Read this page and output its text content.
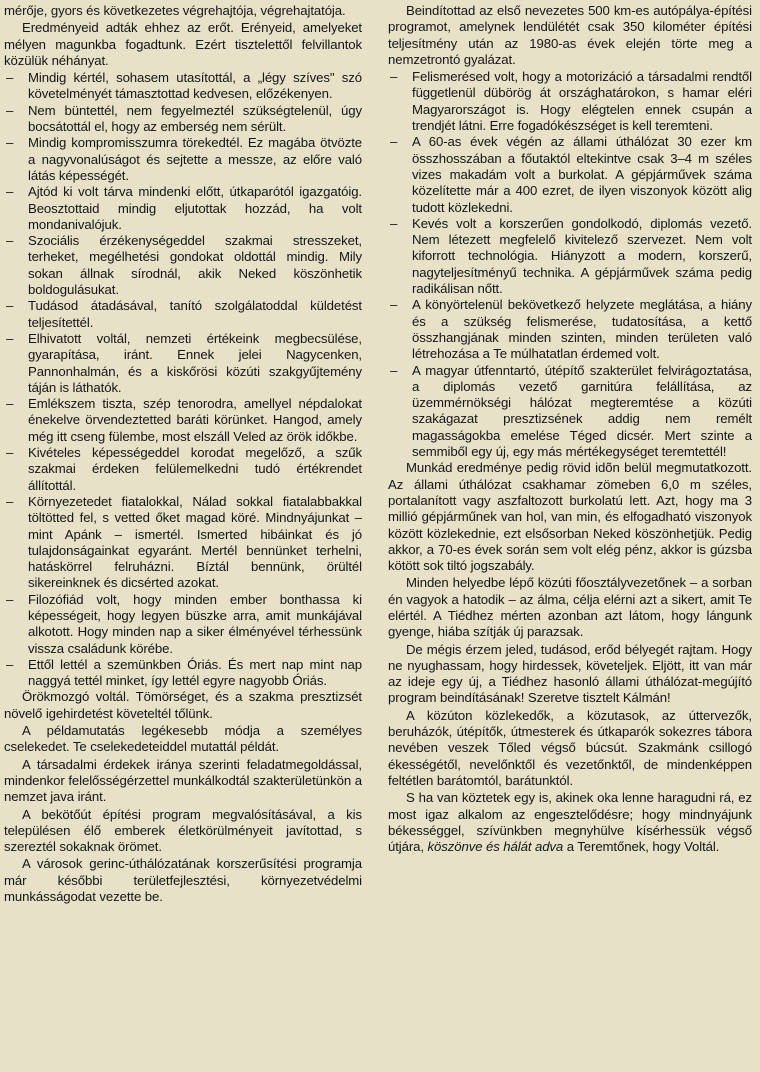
mérője, gyors és következetes végrehajtója, végrehajtatója.

Eredményeid adták ehhez az erőt. Erényeid, amelyeket mélyen magunkba fogadtunk. Ezért tisztelettől felvillantok közülük néhányat.

– Mindig kértél, sohasem utasítottál, a „légy szíves" szó követelményét támasztottad kedvesen, előzékenyen.

– Nem büntettél, nem fegyelmeztél szükségtelenül, úgy bocsátottál el, hogy az emberség nem sérült.

– Mindig kompromisszumra törekedtél. Ez magába ötvözte a nagyvonalúságot és sejtette a messze, az előre való látás képességét.

– Ajtód ki volt tárva mindenki előtt, útkaparótól igazgatóig. Beosztottaid mindig eljutottak hozzád, ha volt mondanivalójuk.

– Szociális érzékenységeddel szakmai stresszeket, terheket, megélhetési gondokat oldottál mindig. Mily sokan állnak sírodnál, akik Neked köszönhetik boldogulásukat.

– Tudásod átadásával, tanító szolgálatoddal küldetést teljesítettél.

– Elhivatott voltál, nemzeti értékeink megbecsülése, gyarapítása, iránt. Ennek jelei Nagycenken, Pannonhalmán, és a kiskőrösi közúti szakgyűjtemény táján is láthatók.

– Emlékszem tiszta, szép tenorodra, amellyel népdalokat énekelve örvendeztetted baráti körünket. Hangod, amely még itt cseng fülembe, most elszáll Veled az örök időkbe.

– Kivételes képességeddel korodat megelőző, a szűk szakmai érdeken felülemelkedni tudó értékrendet állítottál.

– Környezetedet fiatalokkal, Nálad sokkal fiatalabbakkal töltötted fel, s vetted őket magad köré. Mindnyájunkat – mint Apánk – ismertél. Ismerted hibáinkat és jó tulajdonságainkat egyaránt. Mertél bennünket terhelni, hatáskörrel felruházni. Bíztál bennünk, örültél sikereinknek és dicsérted azokat.

– Filozófiád volt, hogy minden ember bonthassa ki képességeit, hogy legyen büszke arra, amit munkájával alkotott. Hogy minden nap a siker élményével térhessünk vissza családunk körébe.

– Ettől lettél a szemünkben Óriás. És mert nap mint nap naggyá tettél minket, így lettél egyre nagyobb Óriás.

Örökmozgó voltál. Tömörséget, és a szakma presztizsét növelő igehirdetést követeltél tőlünk.

A példamutatás legékesebb módja a személyes cselekedet. Te cselekedeteiddel mutattál példát.

A társadalmi érdekek iránya szerinti feladatmegoldással, mindenkor felelősségérzettel munkálkodtál szakterületünkön a nemzet java iránt.

A bekötőút építési program megvalósításával, a kis településen élő emberek életkörülményeit javítottad, s szereztél sokaknak örömet.

A városok gerinc-úthálózatának korszerűsítési programja már későbbi területfejlesztési, környezetvédelmi munkásságodat vezette be.

Beindítottad az első nevezetes 500 km-es autópálya-építési programot, amelynek lendülétét csak 350 kilométer építési teljesítmény után az 1980-as évek elején törte meg a nemzetrontó gyalázat.

– Felismerésed volt, hogy a motorizáció a társadalmi rendtől függetlenül dübörög át országhatárokon, s hamar eléri Magyarországot is. Hogy elégtelen ennek csupán a trendjét látni. Erre fogadókészséget is kell teremteni.

– A 60-as évek végén az állami úthálózat 30 ezer km összhosszában a főutaktól eltekintve csak 3–4 m széles vizes makadám volt a burkolat. A gépjárművek száma közelítette már a 400 ezret, de ilyen viszonyok között alig tudott közlekedni.

– Kevés volt a korszerűen gondolkodó, diplomás vezető. Nem létezett megfelelő kivitelező szervezet. Nem volt kiforrott technológia. Hiányzott a modern, korszerű, nagyteljesítményű technika. A gépjárművek száma pedig radikálisan nőtt.

– A könyörtelenül bekövetkező helyzete meglátása, a hiány és a szükség felismerése, tudatosítása, a kettő összhangjának minden szinten, minden területen való létrehozása a Te múlhatatlan érdemed volt.

– A magyar útfenntartó, útépítő szakterület felvirágoztatása, a diplomás vezető garnitúra felállítása, az üzemmérnökségi hálózat megteremtése a közúti szakágazat presztizsének addig nem remélt magasságokba emelése Téged dicsér. Mert szinte a semmiből egy új, egy más mértékegységet teremtettél!

Munkád eredménye pedig rövid idõn belül megmutatkozott. Az állami úthálózat csakhamar zömeben 6,0 m széles, portalanított vagy aszfaltozott burkolatú lett. Azt, hogy ma 3 millió gépjárműnek van hol, van min, és elfogadható viszonyok között közlekednie, ezt elsősorban Neked köszönhetjük. Pedig akkor, a 70-es évek során sem volt elég pénz, akkor is gúzsba kötött sok tiltó jogszabály.

Minden helyedbe lépő közúti főosztályvezetőnek – a sorban én vagyok a hatodik – az álma, célja elérni azt a sikert, amit Te elértél. A Tiédhez mérten azonban azt látom, hogy lángunk gyenge, hiába szítják új parazsak.

De mégis érzem jeled, tudásod, erőd bélyegét rajtam. Hogy ne nyughassam, hogy hirdessek, követeljek. Eljött, itt van már az ideje egy új, a Tiédhez hasonló állami úthálózat-megújító program beindításának! Szeretve tisztelt Kálmán!

A közúton közlekedők, a közutasok, az úttervezők, beruházók, útépítők, útmesterek és útkaparók sokezres tábora nevében veszek Tőled végső búcsút. Szakmánk csillogó ékességétől, nevelőnktől és vezetőnktől, de mindenképpen feltétlen barátomtól, barátunktól.

S ha van köztetek egy is, akinek oka lenne haragudni rá, ez most igaz alkalom az engesztelődésre; hogy mindnyájunk békességgel, szívünkben megnyhülve kísérhessük végső útjára, köszönve és hálát adva a Teremtőnek, hogy Voltál.
